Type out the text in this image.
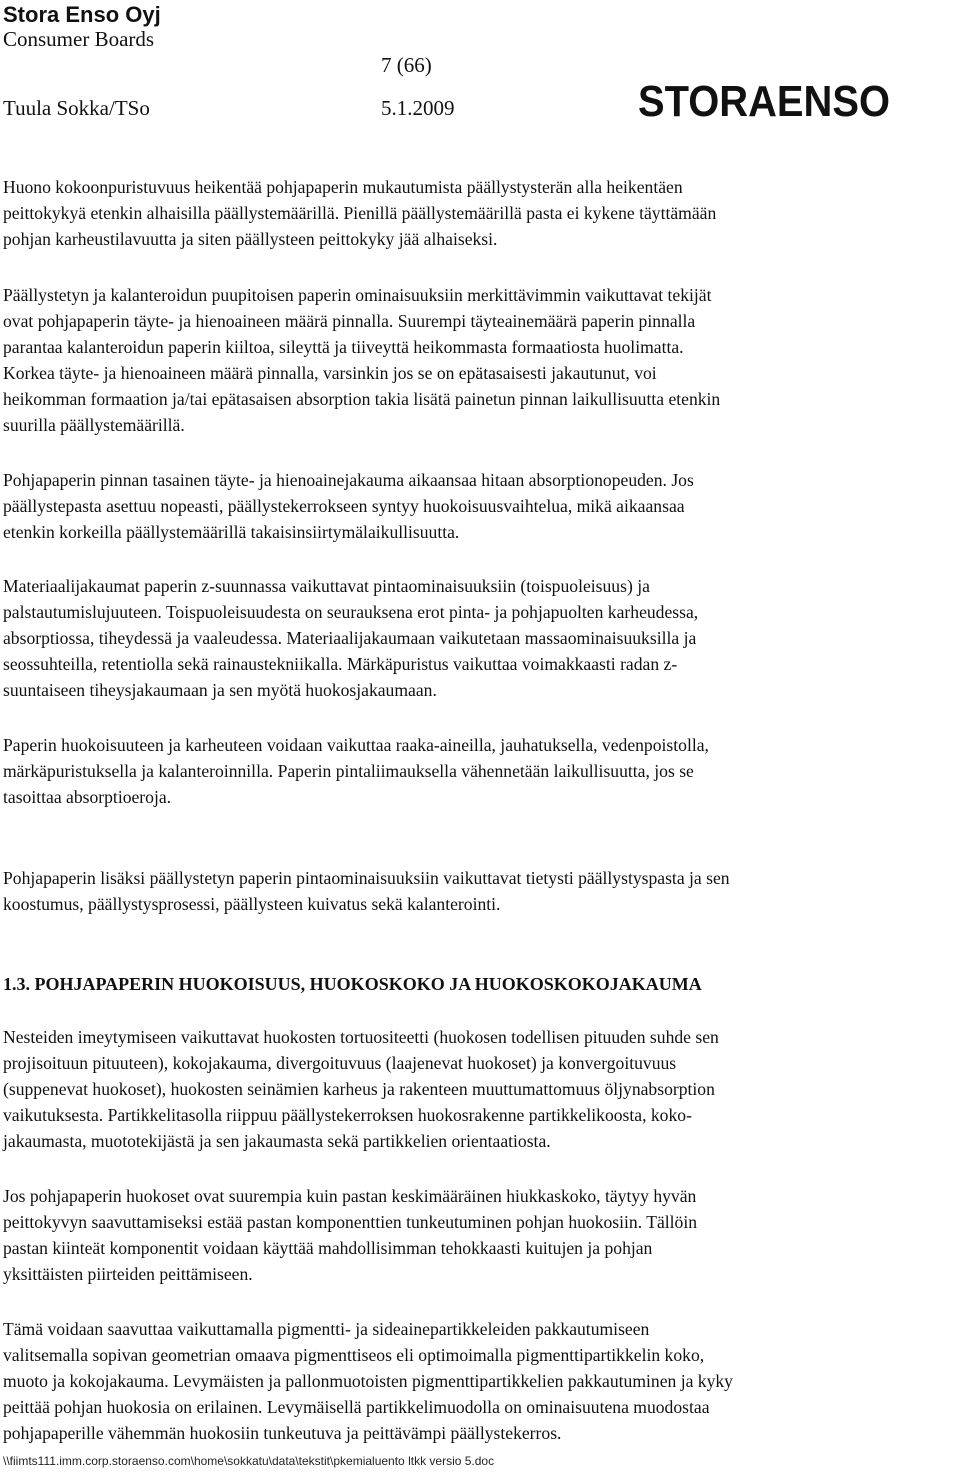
Stora Enso Oyj
Consumer Boards
7 (66)
Tuula Sokka/TSo	5.1.2009	STORAENSO
Huono kokoonpuristuvuus heikentää pohjapaperin mukautumista päällystysterän alla heikentäen
peittokykyä etenkin alhaisilla päällystemäärillä. Pienillä päällystemäärillä pasta ei kykene täyttämään
pohjan karheustilavuutta ja siten päällysteen peittokyky jää alhaiseksi.
Päällystetyn ja kalanteroidun puupitoisen paperin ominaisuuksiin merkittävimmin vaikuttavat tekijät
ovat pohjapaperin täyte- ja hienoaineen määrä pinnalla. Suurempi täyteainemäärä paperin pinnalla
parantaa kalanteroidun paperin kiiltoa, sileyttä ja tiiveyttä heikommasta formaatiosta huolimatta.
Korkea täyte- ja hienoaineen määrä pinnalla, varsinkin jos se on epätasaisesti jakautunut, voi
heikomman formaation ja/tai epätasaisen absorption takia lisätä painetun pinnan laikullisuutta etenkin
suurilla päällystemäärillä.
Pohjapaperin pinnan tasainen täyte- ja hienoainejakauma aikaansaa hitaan absorptionopeuden. Jos
päällystepasta asettuu nopeasti, päällystekerrokseen syntyy huokoisuusvaihtelua, mikä aikaansaa
etenkin korkeilla päällystemäärillä takaisinsiirtymälaikullisuutta.
Materiaalijakaumat paperin z-suunnassa vaikuttavat pintaominaisuuksiin (toispuoleisuus) ja
palstautumislujuuteen. Toispuoleisuudesta on seurauksena erot pinta- ja pohjapuolten karheudessa,
absorptiossa, tiheydessä ja vaaleudessa. Materiaalijakaumaan vaikutetaan massaominaisuuksilla ja
seossuhteilla, retentiolla sekä rainaustekniikalla. Märkäpuristus vaikuttaa voimakkaasti radan z-
suuntaiseen tiheysjakaumaan ja sen myötä huokosjakaumaan.
Paperin huokoisuuteen ja karheuteen voidaan vaikuttaa raaka-aineilla, jauhatuksella, vedenpoistolla,
märkäpuristuksella ja kalanteroinnilla. Paperin pintaliimauksella vähennetään laikullisuutta, jos se
tasoittaa absorptioeroja.
Pohjapaperin lisäksi päällystetyn paperin pintaominaisuuksiin vaikuttavat tietysti päällystyspasta ja sen
koostumus, päällystysprosessi, päällysteen kuivatus sekä kalanterointi.
1.3. POHJAPAPERIN HUOKOISUUS, HUOKOSKOKO JA HUOKOSKOKOJAKAUMA
Nesteiden imeytymiseen vaikuttavat huokosten tortuositeetti (huokosen todellisen pituuden suhde sen
projisoituun pituuteen), kokojakauma, divergoituvuus (laajenevat huokoset) ja konvergoituvuus
(suppenevat huokoset), huokosten seinämien karheus ja rakenteen muuttumattomuus öljynabsorption
vaikutuksesta. Partikkelitasolla riippuu päällystekerroksen huokosrakenne partikkelikoosta, koko-
jakaumasta, muototekijästä ja sen jakaumasta sekä partikkelien orientaatiosta.
Jos pohjapaperin huokoset ovat suurempia kuin pastan keskimääräinen hiukkaskoko, täytyy hyvän
peittokyvyn saavuttamiseksi estää pastan komponenttien tunkeutuminen pohjan huokosiin. Tällöin
pastan kiinteät komponentit voidaan käyttää mahdollisimman tehokkaasti kuitujen ja pohjan
yksittäisten piirteiden peittämiseen.
Tämä voidaan saavuttaa vaikuttamalla pigmentti- ja sideainepartikkeleiden pakkautumiseen
valitsemalla sopivan geometrian omaava pigmenttiseos eli optimoimalla pigmenttipartikkelin koko,
muoto ja kokojakauma. Levymäisten ja pallonmuotoisten pigmenttipartikkelien pakkautuminen ja kyky
peittää pohjan huokosia on erilainen. Levymäisellä partikkelimuodolla on ominaisuutena muodostaa
pohjapaperille vähemmän huokosiin tunkeutuva ja peittävämpi päällystekerros.
\\fiimts111.imm.corp.storaenso.com\home\sokkatu\data\tekstit\pkemialuento ltkk versio 5.doc
